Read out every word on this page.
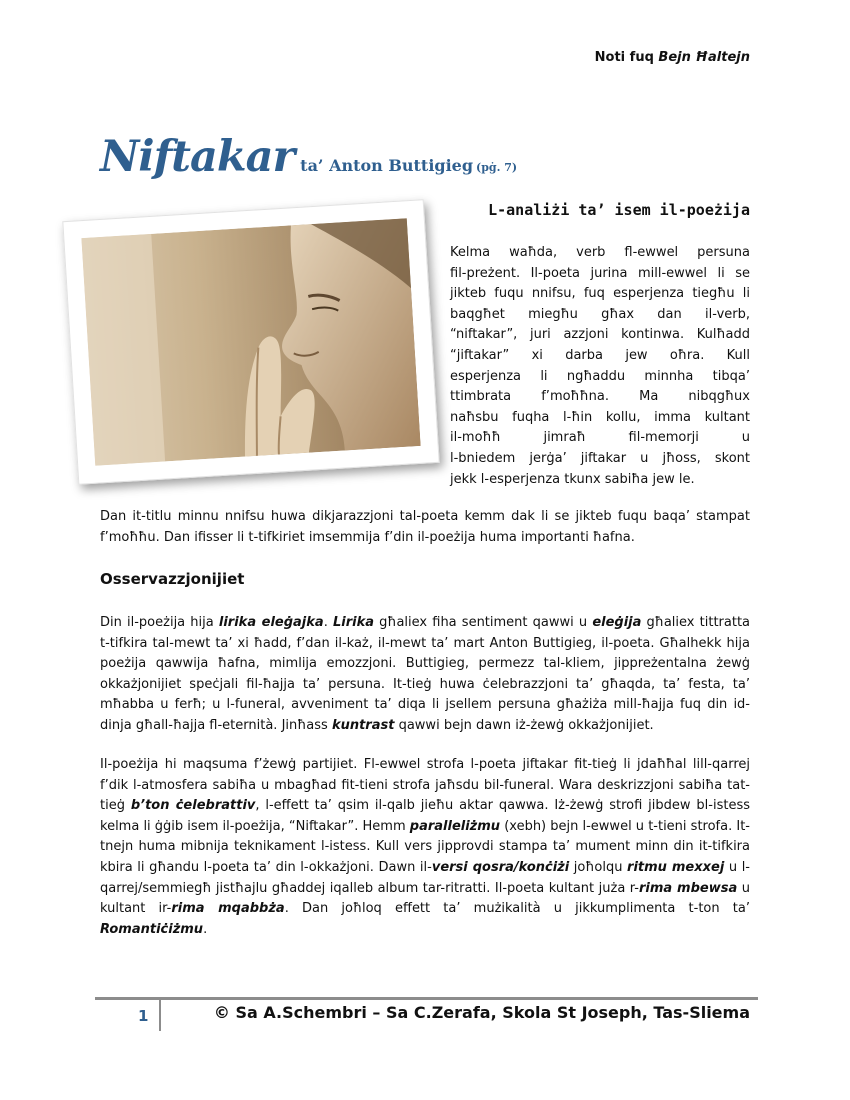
Noti fuq Bejn Ħaltejn
Niftakar ta’ Anton Buttigieg (pġ. 7)
L-analiżi ta’ isem il-poeżija
Kelma waħda, verb fl-ewwel persuna
fil-preżent. Il-poeta jurina mill-ewwel li se
jikteb fuqu nnifsu, fuq esperjenza tiegħu li
baqgħet miegħu għax dan il-verb,
“niftakar”, juri azzjoni kontinwa. Kulħadd
“jiftakar” xi darba jew oħra. Kull
esperjenza li ngħaddu minnha tibqa’
ttimbrata f’moħħna. Ma nibqgħux
naħsbu fuqha l-ħin kollu, imma kultant
il-moħħ jimraħ fil-memorji u
l-bniedem jerġa’ jiftakar u jħoss, skont
jekk l-esperjenza tkunx sabiħa jew le.

Dan it-titlu minnu nnifsu huwa dikjarazzjoni tal-poeta kemm dak li se jikteb fuqu baqa’ stampat f’moħħu. Dan ifisser li t-tifkiriet imsemmija f’din il-poeżija huma importanti ħafna.

Osservazzjonijiet

Din il-poeżija hija lirika eleġajka. Lirika għaliex fiha sentiment qawwi u eleġija għaliex tittratta t-tifkira tal-mewt ta’ xi ħadd, f’dan il-każ, il-mewt ta’ mart Anton Buttigieg, il-poeta. Għalhekk hija poeżija qawwija ħafna, mimlija emozzjoni. Buttigieg, permezz tal-kliem, jippreżentalna żewġ okkażjonijiet speċjali fil-ħajja ta’ persuna. It-tieġ huwa ċelebrazzjoni ta’ għaqda, ta’ festa, ta’ mħabba u ferħ; u l-funeral, avveniment ta’ diqa li jsellem persuna għażiża mill-ħajja fuq din id-dinja għall-ħajja fl-eternità. Jinħass kuntrast qawwi bejn dawn iż-żewġ okkażjonijiet.

Il-poeżija hi maqsuma f’żewġ partijiet. Fl-ewwel strofa l-poeta jiftakar fit-tieġ li jdaħħal lill-qarrej f’dik l-atmosfera sabiħa u mbagħad fit-tieni strofa jaħsdu bil-funeral. Wara deskrizzjoni sabiħa tat-tieġ b’ton ċelebrattiv, l-effett ta’ qsim il-qalb jieħu aktar qawwa. Iż-żewġ strofi jibdew bl-istess kelma li ġġib isem il-poeżija, “Niftakar”. Hemm paralleliżmu (xebh) bejn l-ewwel u t-tieni strofa. It-tnejn huma mibnija teknikament l-istess. Kull vers jipprovdi stampa ta’ mument minn din it-tifkira kbira li għandu l-poeta ta’ din l-okkażjoni. Dawn il-versi qosra/konċiżi joħolqu ritmu mexxej u l-qarrej/semmiegħ jistħajlu għaddej iqalleb album tar-ritratti. Il-poeta kultant juża r-rima mbewsa u kultant ir-rima mqabbża. Dan joħloq effett ta’ mużikalità u jikkumplimenta t-ton ta’ Romantiċiżmu.

1	© Sa A.Schembri – Sa C.Zerafa, Skola St Joseph, Tas-Sliema
